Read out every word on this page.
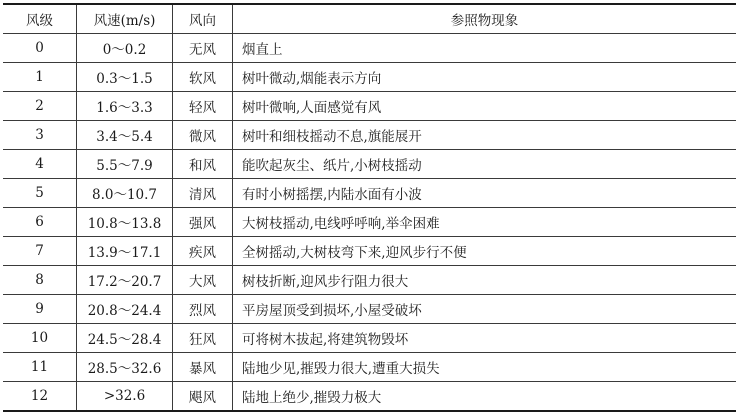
风级	风速(m/s)	风向	参照物现象
0	0～0.2	无风	烟直上
1	0.3～1.5	软风	树叶微动,烟能表示方向
2	1.6～3.3	轻风	树叶微响,人面感觉有风
3	3.4～5.4	微风	树叶和细枝摇动不息,旗能展开
4	5.5～7.9	和风	能吹起灰尘、纸片,小树枝摇动
5	8.0～10.7	清风	有时小树摇摆,内陆水面有小波
6	10.8～13.8	强风	大树枝摇动,电线呼呼响,举伞困难
7	13.9～17.1	疾风	全树摇动,大树枝弯下来,迎风步行不便
8	17.2～20.7	大风	树枝折断,迎风步行阻力很大
9	20.8～24.4	烈风	平房屋顶受到损坏,小屋受破坏
10	24.5～28.4	狂风	可将树木拔起,将建筑物毁坏
11	28.5～32.6	暴风	陆地少见,摧毁力很大,遭重大损失
12	>32.6	飓风	陆地上绝少,摧毁力极大
